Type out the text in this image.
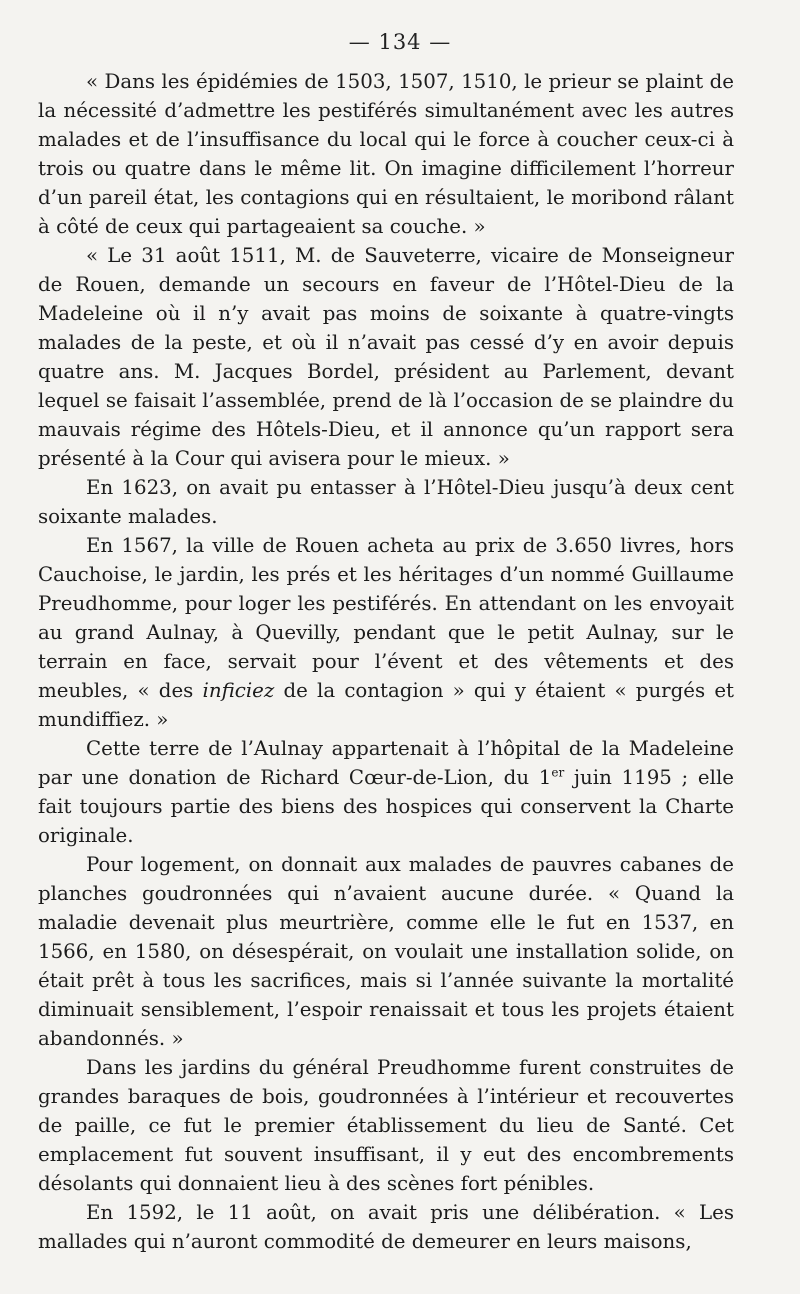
— 134 —

« Dans les épidémies de 1503, 1507, 1510, le prieur se plaint de la nécessité d’admettre les pestiférés simultanément avec les autres malades et de l’insuffisance du local qui le force à coucher ceux-ci à trois ou quatre dans le même lit. On imagine difficilement l’horreur d’un pareil état, les contagions qui en résultaient, le moribond râlant à côté de ceux qui partageaient sa couche. »

« Le 31 août 1511, M. de Sauveterre, vicaire de Monseigneur de Rouen, demande un secours en faveur de l’Hôtel-Dieu de la Madeleine où il n’y avait pas moins de soixante à quatre-vingts malades de la peste, et où il n’avait pas cessé d’y en avoir depuis quatre ans. M. Jacques Bordel, président au Parlement, devant lequel se faisait l’assemblée, prend de là l’occasion de se plaindre du mauvais régime des Hôtels-Dieu, et il annonce qu’un rapport sera présenté à la Cour qui avisera pour le mieux. »

En 1623, on avait pu entasser à l’Hôtel-Dieu jusqu’à deux cent soixante malades.

En 1567, la ville de Rouen acheta au prix de 3.650 livres, hors Cauchoise, le jardin, les prés et les héritages d’un nommé Guillaume Preudhomme, pour loger les pestiférés. En attendant on les envoyait au grand Aulnay, à Quevilly, pendant que le petit Aulnay, sur le terrain en face, servait pour l’évent et des vêtements et des meubles, « des inficiez de la contagion » qui y étaient « purgés et mundiffiez. »

Cette terre de l’Aulnay appartenait à l’hôpital de la Madeleine par une donation de Richard Cœur-de-Lion, du 1er juin 1195 ; elle fait toujours partie des biens des hospices qui conservent la Charte originale.

Pour logement, on donnait aux malades de pauvres cabanes de planches goudronnées qui n’avaient aucune durée. « Quand la maladie devenait plus meurtrière, comme elle le fut en 1537, en 1566, en 1580, on désespérait, on voulait une installation solide, on était prêt à tous les sacrifices, mais si l’année suivante la mortalité diminuait sensiblement, l’espoir renaissait et tous les projets étaient abandonnés. »

Dans les jardins du général Preudhomme furent construites de grandes baraques de bois, goudronnées à l’intérieur et recouvertes de paille, ce fut le premier établissement du lieu de Santé. Cet emplacement fut souvent insuffisant, il y eut des encombrements désolants qui donnaient lieu à des scènes fort pénibles.

En 1592, le 11 août, on avait pris une délibération. « Les mallades qui n’auront commodité de demeurer en leurs maisons,
